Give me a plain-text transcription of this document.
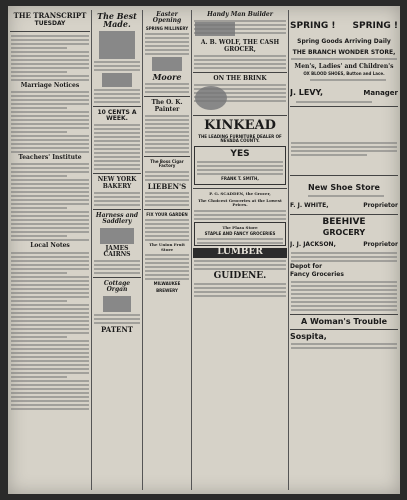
THE TRANSCRIPT
TUESDAY
Marriage Notices
Teachers' Institute
Local Notes
The Best Made.
10 CENTS A WEEK.
NEW YORK BAKERY
Harness and Saddlery
JAMES CAIRNS
Cottage Organ
PATENT
Easter Opening
SPRING MILLINERY
Moore
The O. K. Painter
The Boss Cigar Factory
LIEBEN'S
FIX YOUR GARDEN
The Union Fruit Store
MILWAUKEE
BREWERY
Handy Man Builder
A. B. WOLF, THE CASH GROCER,
ON THE BRINK
KINKEAD
THE LEADING FURNITURE DEALER OF NEVADA COUNTY.
YES
FRANK T. SMITH,
P. G. SCADDEN, the Grocer,
The Choicest Groceries at the Lowest Prices.
The Plaza Store
STAPLE AND FANCY GROCERIES
LUMBER
GUIDENE.
SPRING ! SPRING !
Spring Goods Arriving Daily
THE BRANCH WONDER STORE,
Men's, Ladies' and Children's
OX BLOOD SHOES, Button and Lace.
J. LEVY,	Manager
New Shoe Store
F. J. WHITE,	Proprietor
BEEHIVE
GROCERY
J. J. JACKSON,	Proprietor
Depot for
Fancy Groceries
A Woman's Trouble
Sospita,
